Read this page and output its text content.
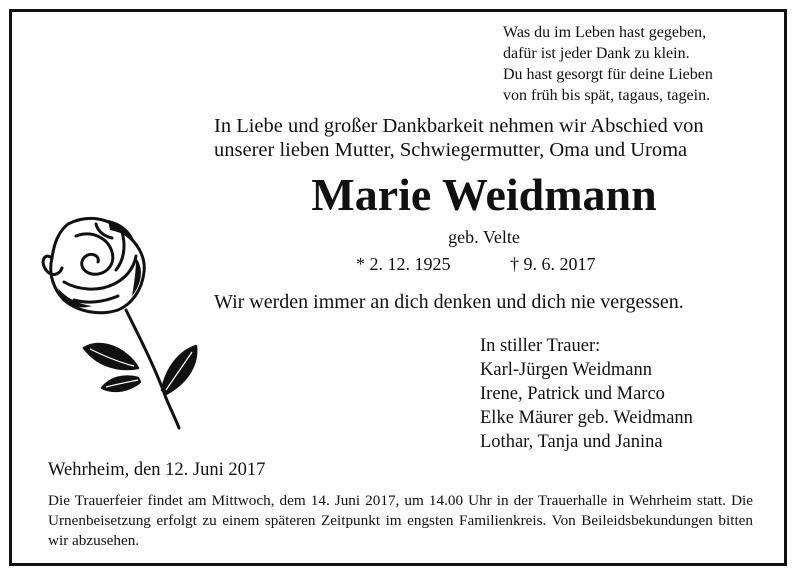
Was du im Leben hast gegeben,
dafür ist jeder Dank zu klein.
Du hast gesorgt für deine Lieben
von früh bis spät, tagaus, tagein.
In Liebe und großer Dankbarkeit nehmen wir Abschied von
unserer lieben Mutter, Schwiegermutter, Oma und Uroma
Marie Weidmann
geb. Velte
* 2. 12. 1925	† 9. 6. 2017
Wir werden immer an dich denken und dich nie vergessen.
In stiller Trauer:
Karl-Jürgen Weidmann
Irene, Patrick und Marco
Elke Mäurer geb. Weidmann
Lothar, Tanja und Janina
Wehrheim, den 12. Juni 2017
Die Trauerfeier findet am Mittwoch, dem 14. Juni 2017, um 14.00 Uhr in der Trauerhalle in Wehrheim statt. Die Urnenbeisetzung erfolgt zu einem späteren Zeitpunkt im engsten Familienkreis. Von Beileidsbekundungen bitten wir abzusehen.
